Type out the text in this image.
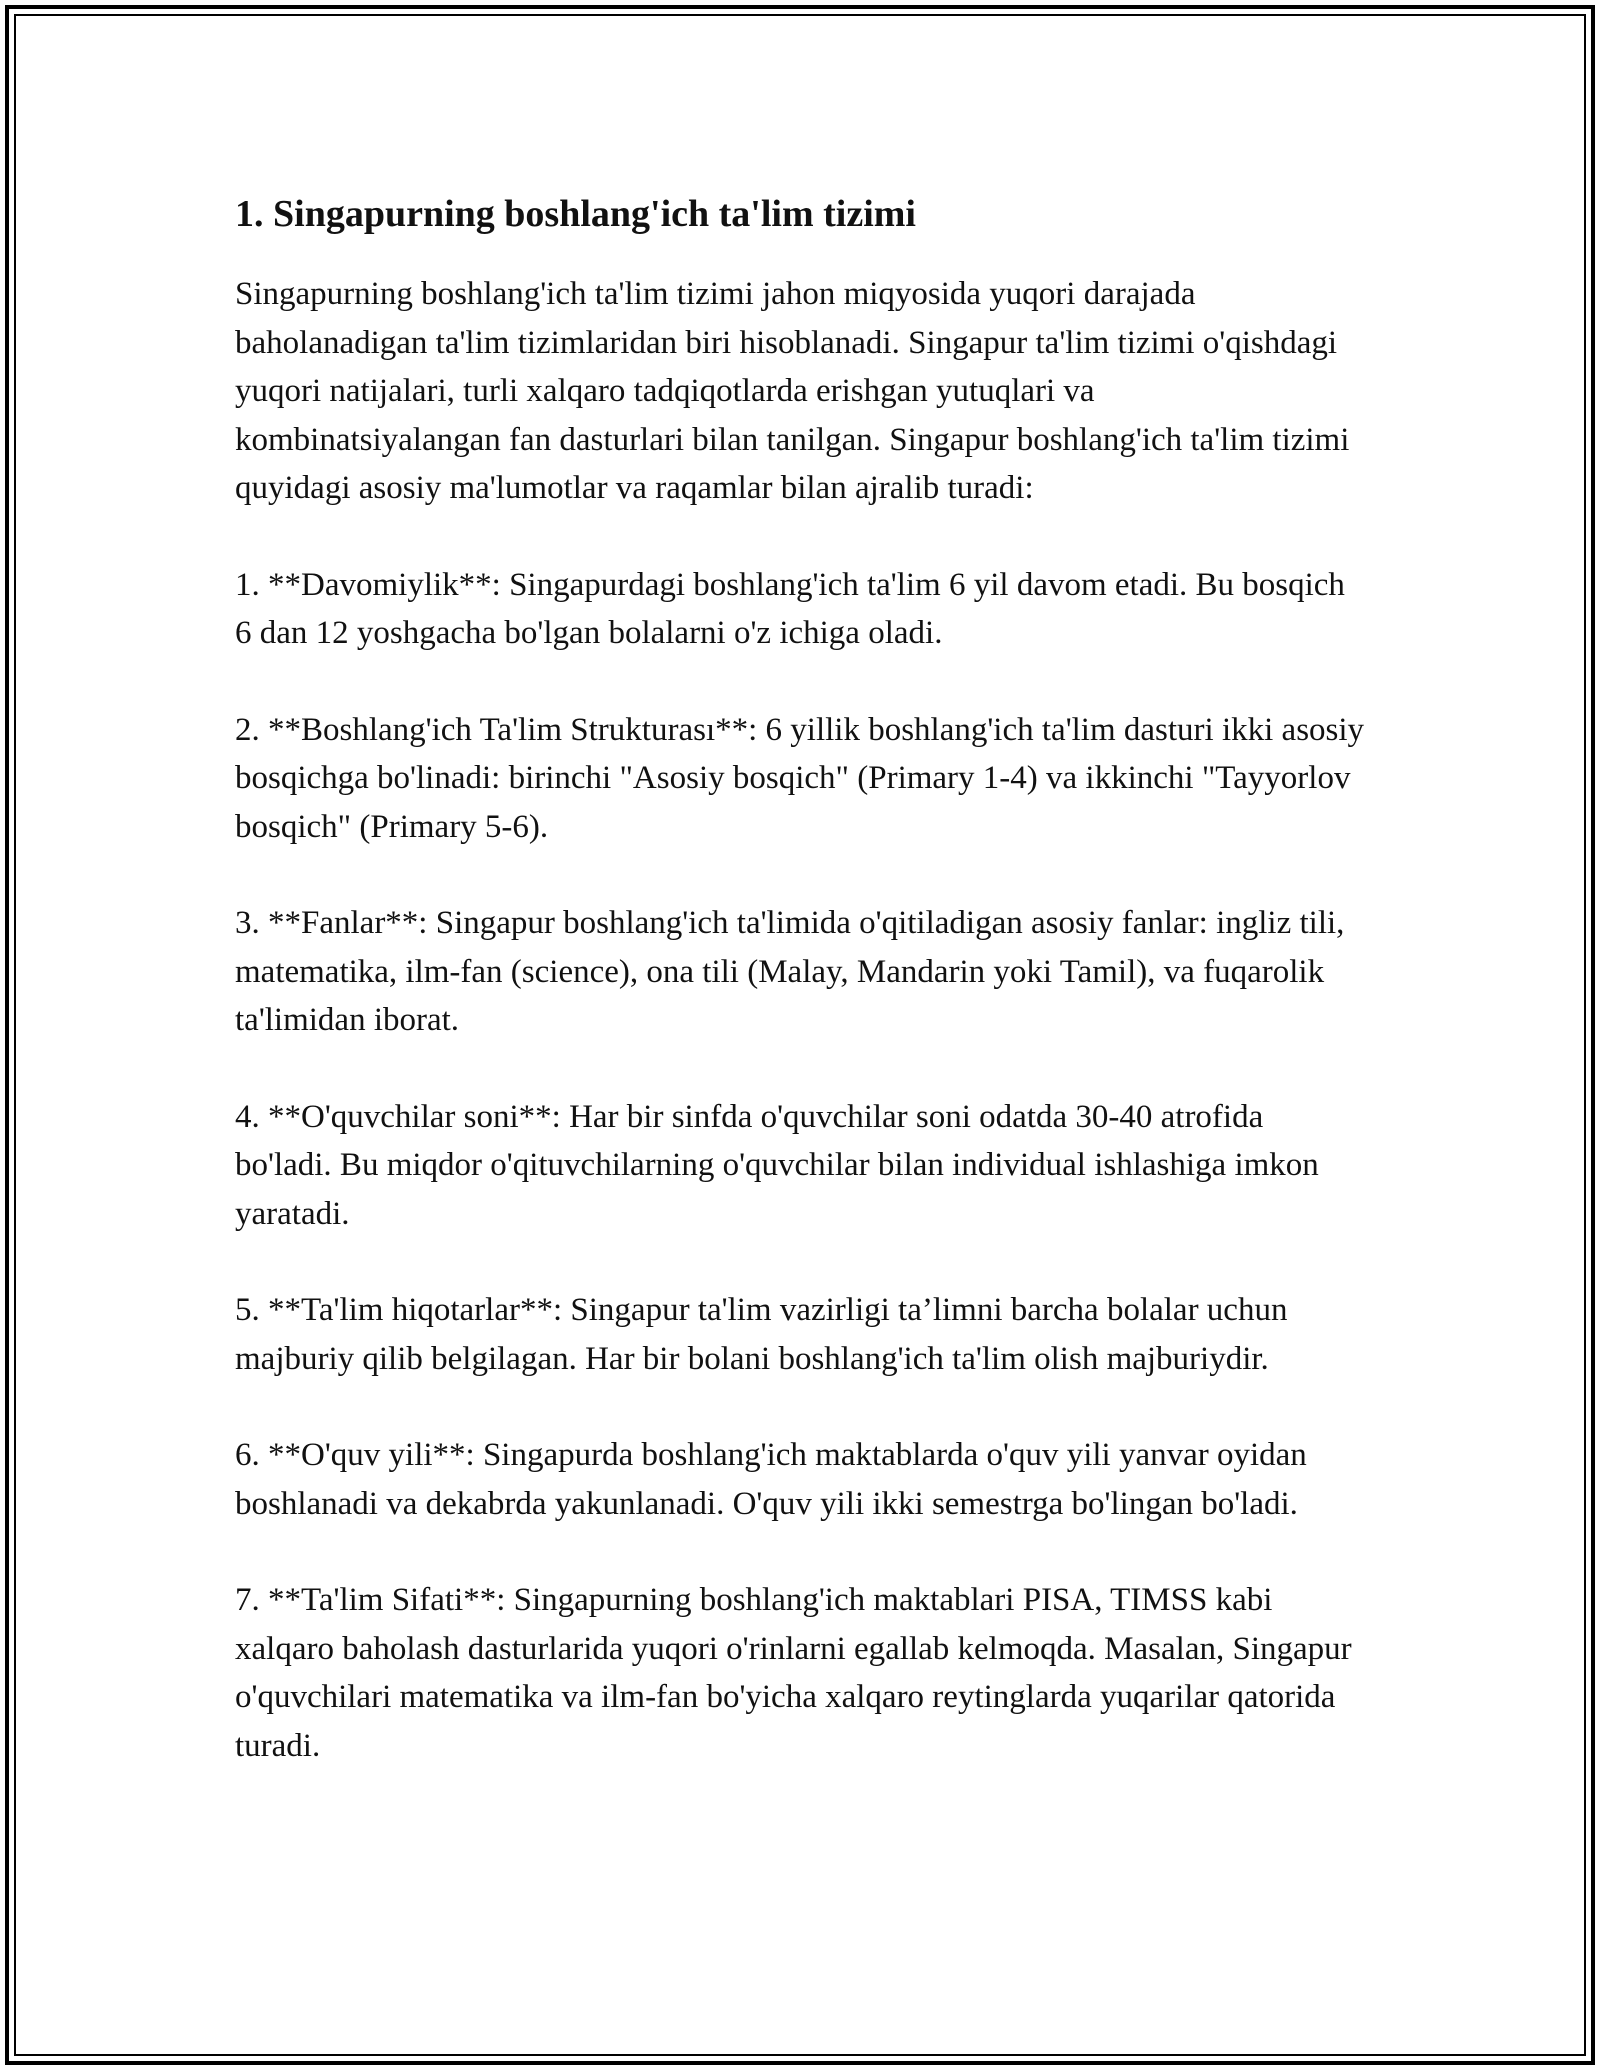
1. Singapurning boshlang'ich ta'lim tizimi

Singapurning boshlang'ich ta'lim tizimi jahon miqyosida yuqori darajada baholanadigan ta'lim tizimlaridan biri hisoblanadi. Singapur ta'lim tizimi o'qishdagi yuqori natijalari, turli xalqaro tadqiqotlarda erishgan yutuqlari va kombinatsiyalangan fan dasturlari bilan tanilgan. Singapur boshlang'ich ta'lim tizimi quyidagi asosiy ma'lumotlar va raqamlar bilan ajralib turadi:

1. **Davomiylik**: Singapurdagi boshlang'ich ta'lim 6 yil davom etadi. Bu bosqich 6 dan 12 yoshgacha bo'lgan bolalarni o'z ichiga oladi.

2. **Boshlang'ich Ta'lim Strukturası**: 6 yillik boshlang'ich ta'lim dasturi ikki asosiy bosqichga bo'linadi: birinchi "Asosiy bosqich" (Primary 1-4) va ikkinchi "Tayyorlov bosqich" (Primary 5-6).

3. **Fanlar**: Singapur boshlang'ich ta'limida o'qitiladigan asosiy fanlar: ingliz tili, matematika, ilm-fan (science), ona tili (Malay, Mandarin yoki Tamil), va fuqarolik ta'limidan iborat.

4. **O'quvchilar soni**: Har bir sinfda o'quvchilar soni odatda 30-40 atrofida bo'ladi. Bu miqdor o'qituvchilarning o'quvchilar bilan individual ishlashiga imkon yaratadi.

5. **Ta'lim hiqotarlar**: Singapur ta'lim vazirligi ta’limni barcha bolalar uchun majburiy qilib belgilagan. Har bir bolani boshlang'ich ta'lim olish majburiydir.

6. **O'quv yili**: Singapurda boshlang'ich maktablarda o'quv yili yanvar oyidan boshlanadi va dekabrda yakunlanadi. O'quv yili ikki semestrga bo'lingan bo'ladi.

7. **Ta'lim Sifati**: Singapurning boshlang'ich maktablari PISA, TIMSS kabi xalqaro baholash dasturlarida yuqori o'rinlarni egallab kelmoqda. Masalan, Singapur o'quvchilari matematika va ilm-fan bo'yicha xalqaro reytinglarda yuqarilar qatorida turadi.
